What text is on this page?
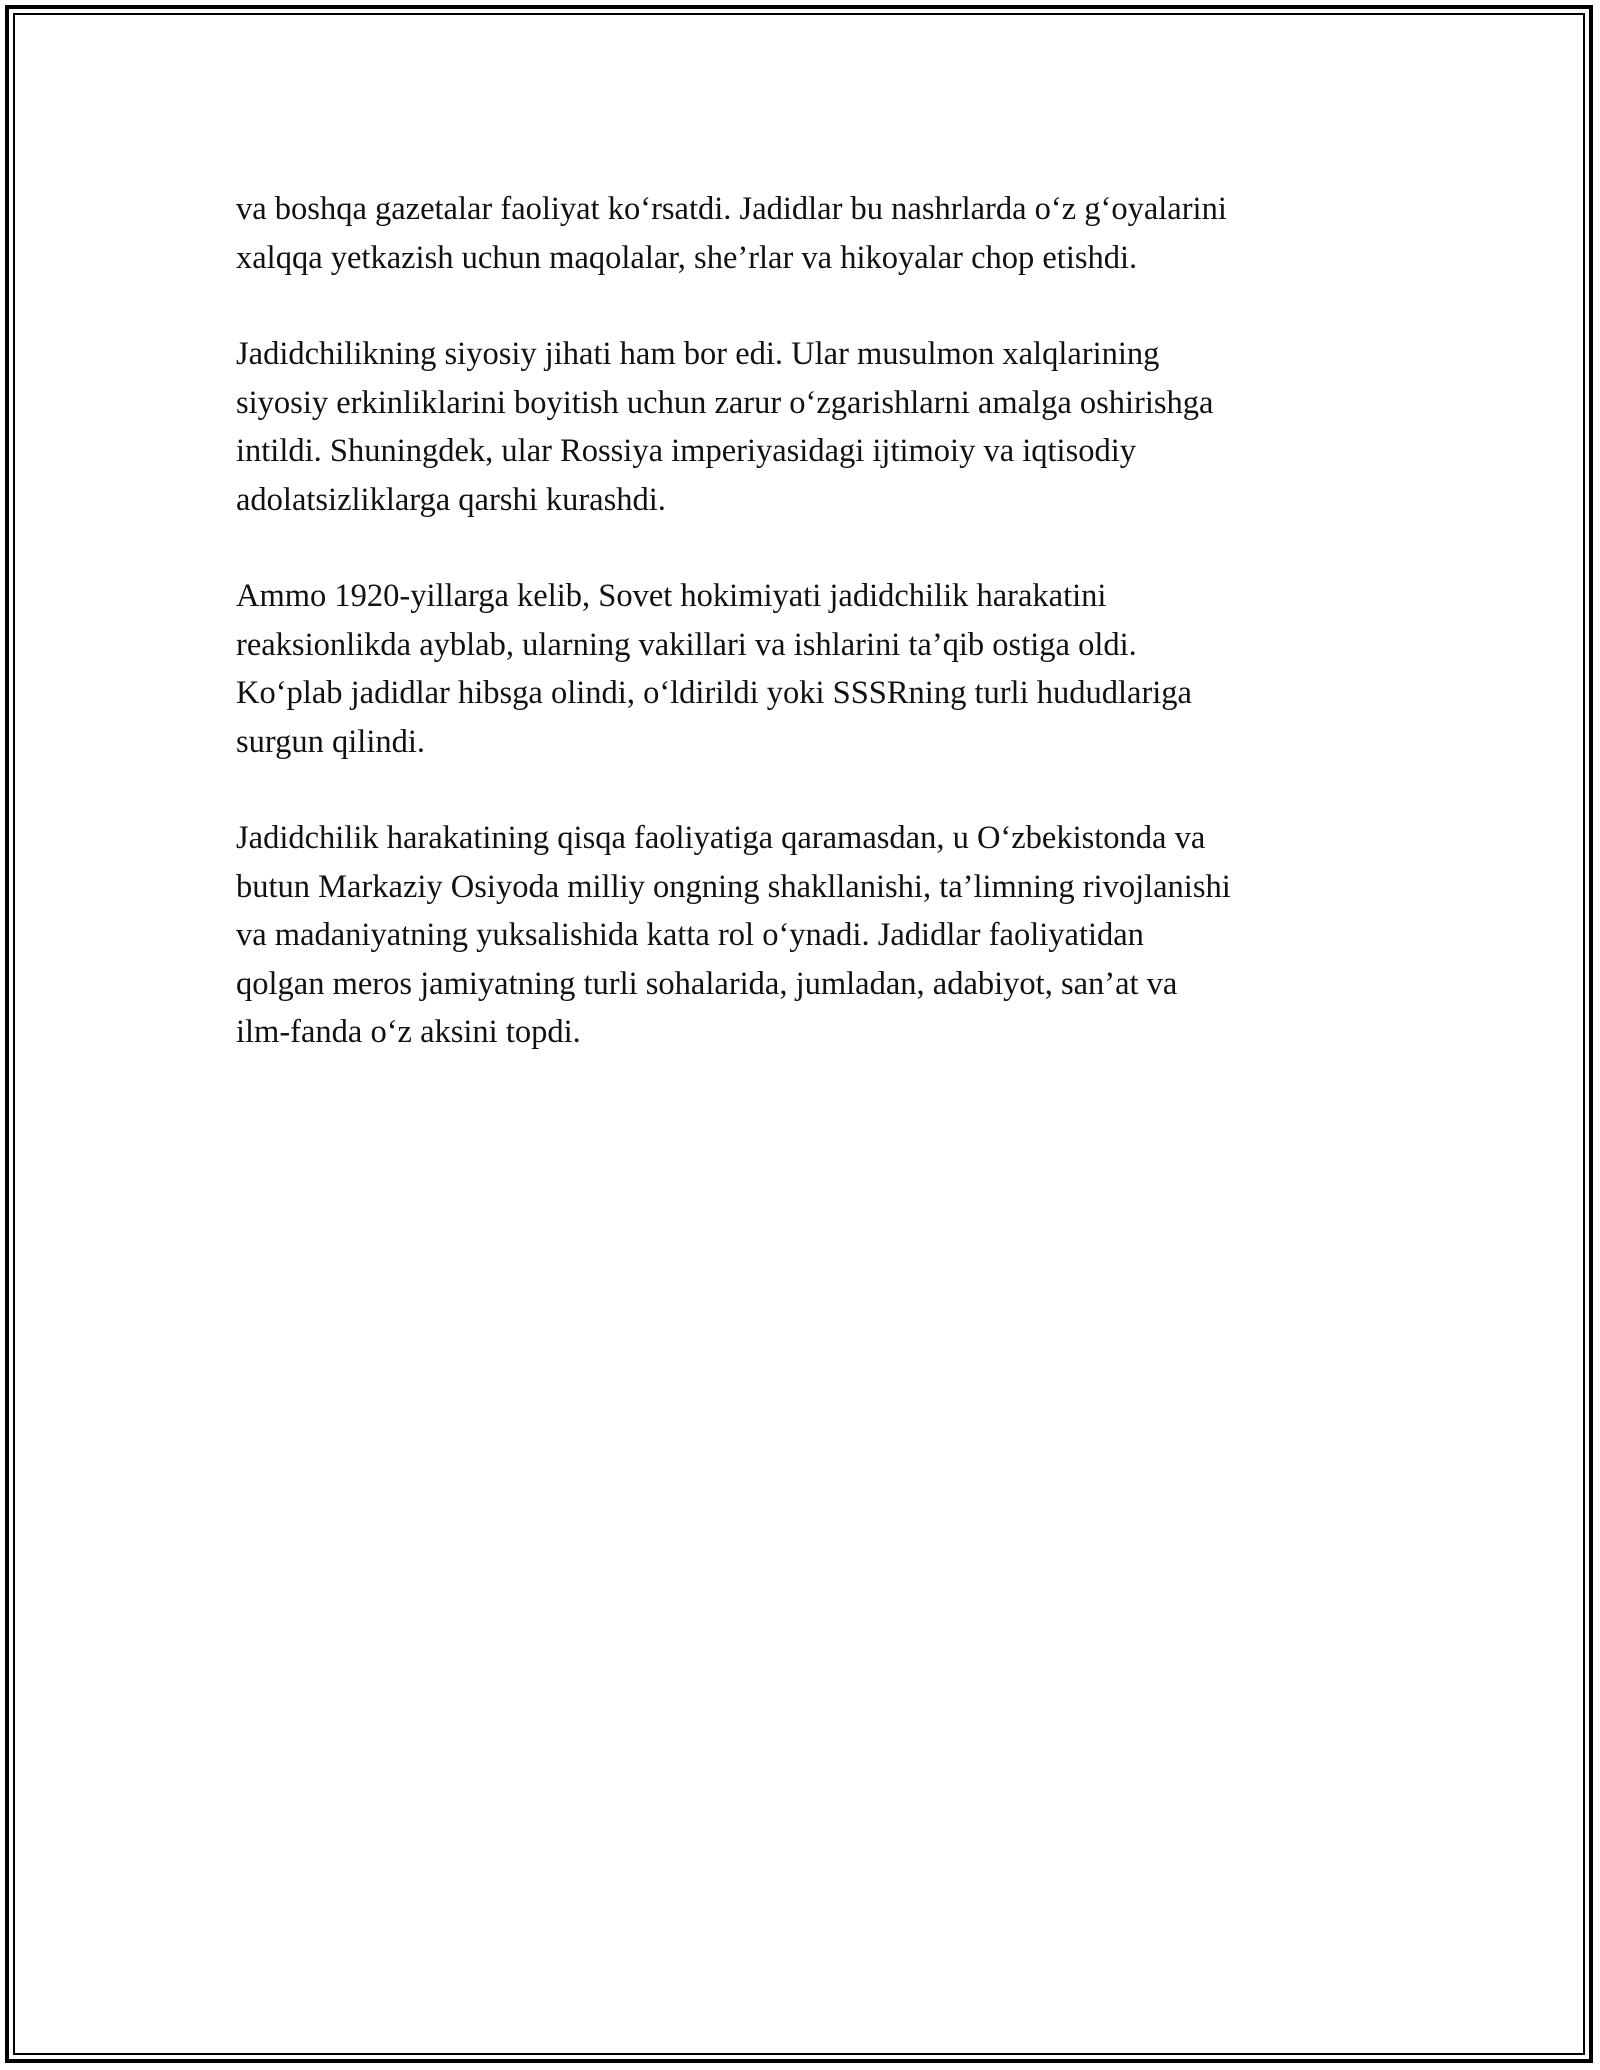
va boshqa gazetalar faoliyat ko‘rsatdi. Jadidlar bu nashrlarda o‘z g‘oyalarini
xalqqa yetkazish uchun maqolalar, she’rlar va hikoyalar chop etishdi.

Jadidchilikning siyosiy jihati ham bor edi. Ular musulmon xalqlarining
siyosiy erkinliklarini boyitish uchun zarur o‘zgarishlarni amalga oshirishga
intildi. Shuningdek, ular Rossiya imperiyasidagi ijtimoiy va iqtisodiy
adolatsizliklarga qarshi kurashdi.

Ammo 1920-yillarga kelib, Sovet hokimiyati jadidchilik harakatini
reaksionlikda ayblab, ularning vakillari va ishlarini ta’qib ostiga oldi.
Ko‘plab jadidlar hibsga olindi, o‘ldirildi yoki SSSRning turli hududlariga
surgun qilindi.

Jadidchilik harakatining qisqa faoliyatiga qaramasdan, u O‘zbekistonda va
butun Markaziy Osiyoda milliy ongning shakllanishi, ta’limning rivojlanishi
va madaniyatning yuksalishida katta rol o‘ynadi. Jadidlar faoliyatidan
qolgan meros jamiyatning turli sohalarida, jumladan, adabiyot, san’at va
ilm-fanda o‘z aksini topdi.
